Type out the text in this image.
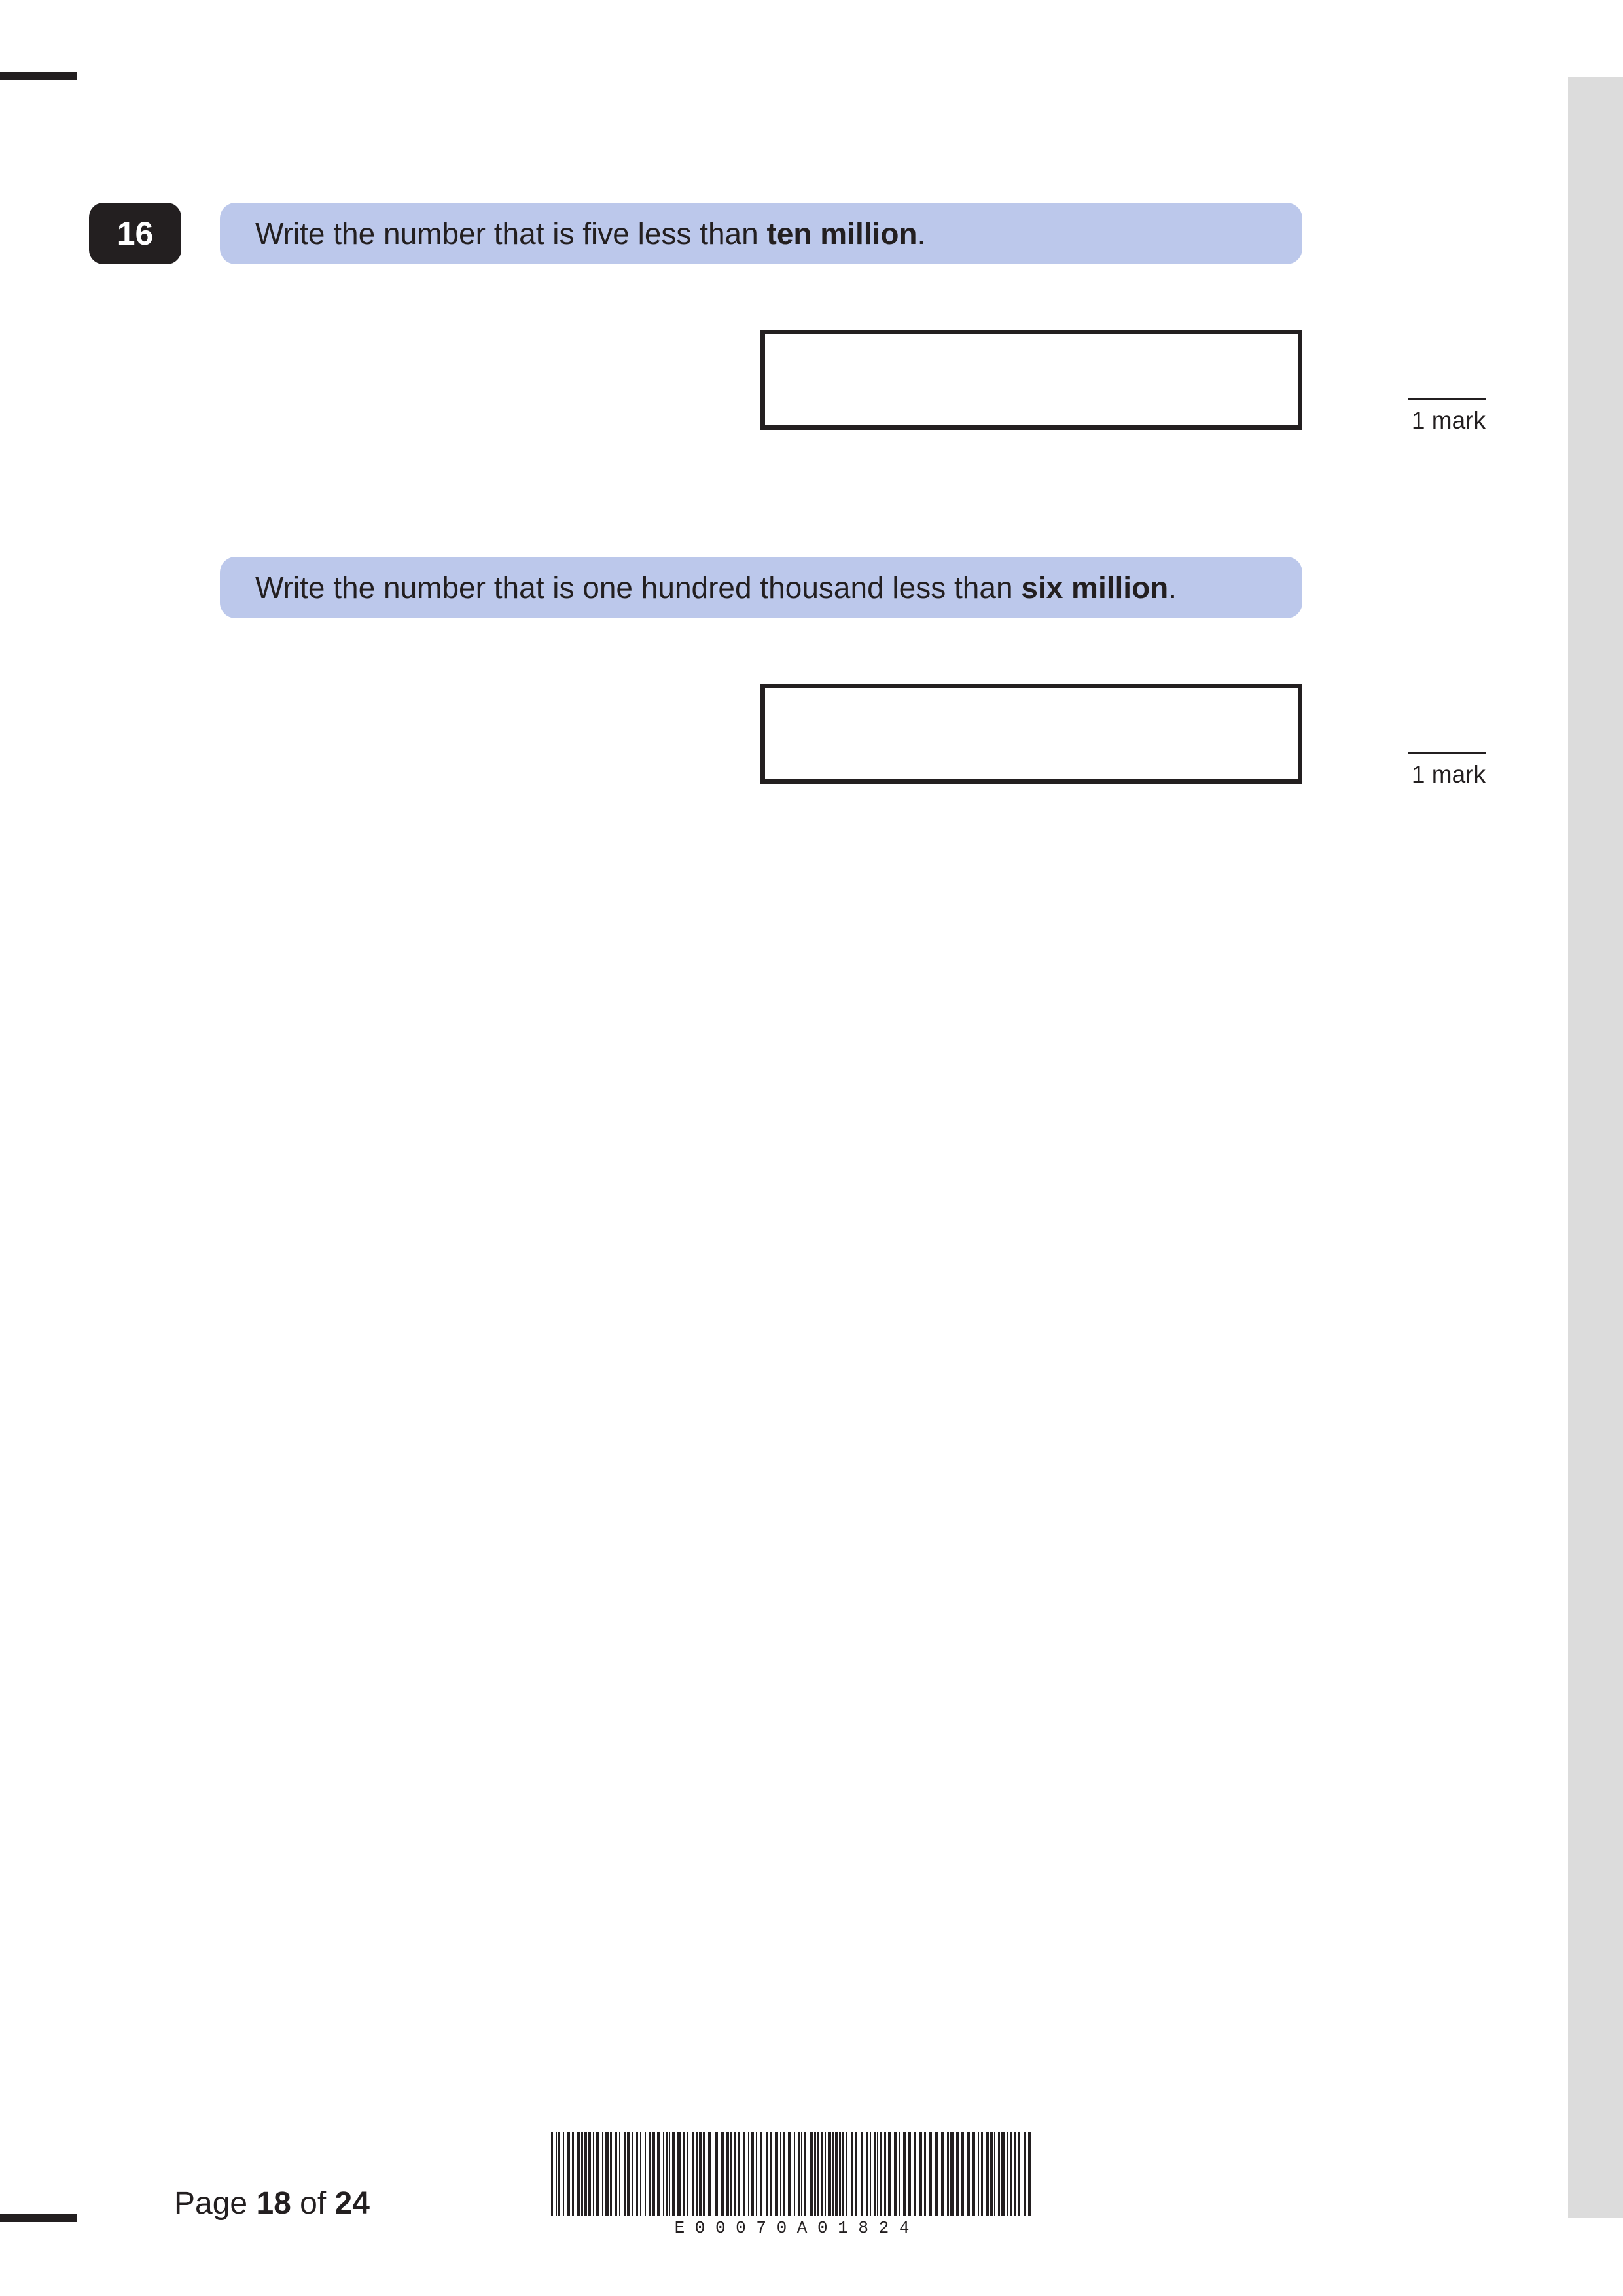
16	Write the number that is five less than
ten million .
1 mark
Write the number that is one hundred thousand less than
six million .
1 mark
Page 18 of 24
E 0 0 0 7 0 A 0 1 8 2 4
